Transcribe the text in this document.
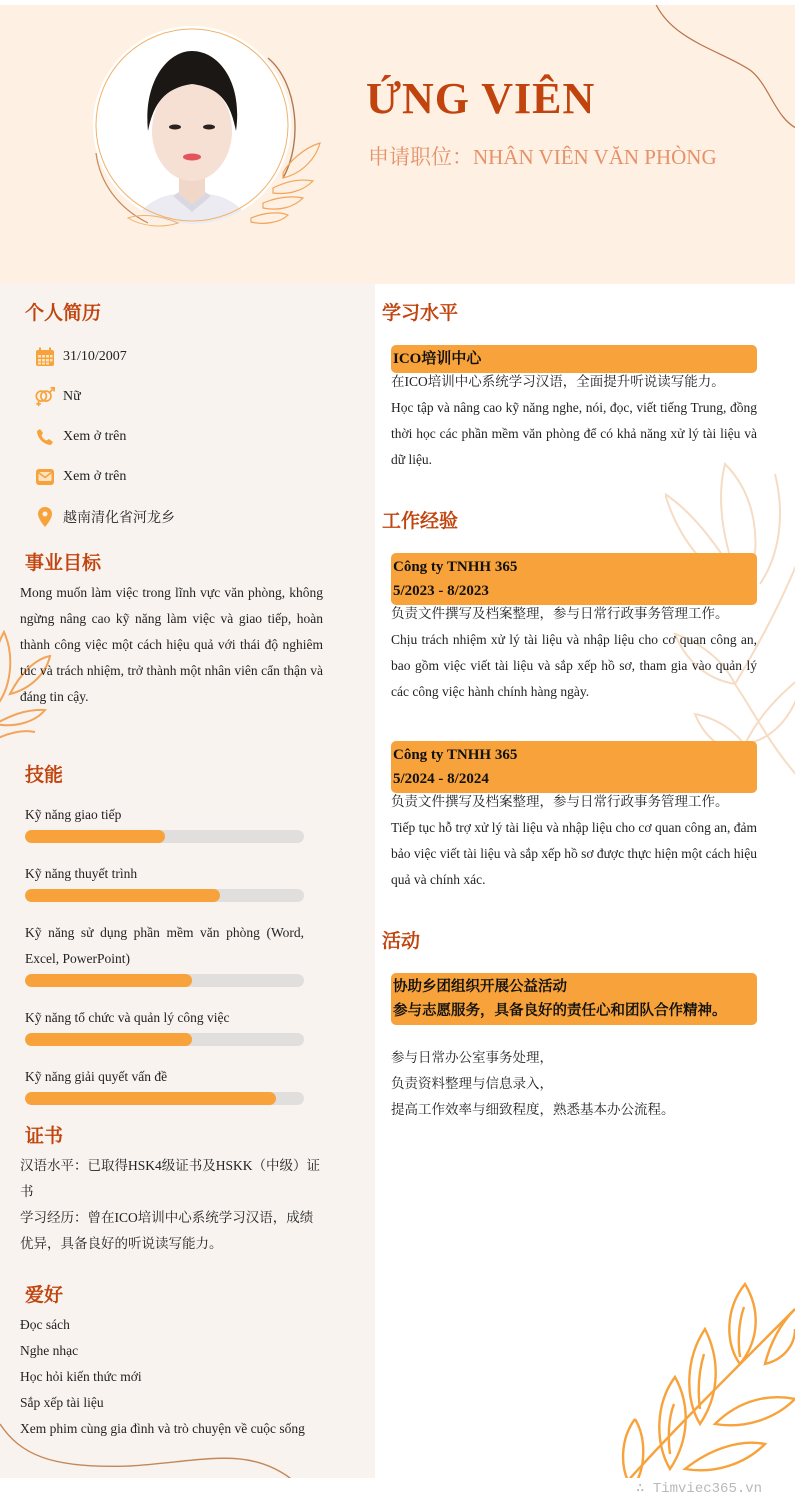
ỨNG VIÊN
申请职位：NHÂN VIÊN VĂN PHÒNG
个人简历
31/10/2007
Nữ
Xem ở trên
Xem ở trên
越南清化省河龙乡
事业目标
Mong muốn làm việc trong lĩnh vực văn phòng, không ngừng nâng cao kỹ năng làm việc và giao tiếp, hoàn thành công việc một cách hiệu quả với thái độ nghiêm túc và trách nhiệm, trở thành một nhân viên cẩn thận và đáng tin cậy.
技能
Kỹ năng giao tiếp
Kỹ năng thuyết trình
Kỹ năng sử dụng phần mềm văn phòng (Word, Excel, PowerPoint)
Kỹ năng tổ chức và quản lý công việc
Kỹ năng giải quyết vấn đề
证书
汉语水平：已取得HSK4级证书及HSKK（中级）证书
学习经历：曾在ICO培训中心系统学习汉语，成绩优异，具备良好的听说读写能力。
爱好
Đọc sách
Nghe nhạc
Học hỏi kiến thức mới
Sắp xếp tài liệu
Xem phim cùng gia đình và trò chuyện về cuộc sống
学习水平
ICO培训中心
在ICO培训中心系统学习汉语，全面提升听说读写能力。
Học tập và nâng cao kỹ năng nghe, nói, đọc, viết tiếng Trung, đồng thời học các phần mềm văn phòng để có khả năng xử lý tài liệu và dữ liệu.
工作经验
Công ty TNHH 365
5/2023 - 8/2023
负责文件撰写及档案整理，参与日常行政事务管理工作。
Chịu trách nhiệm xử lý tài liệu và nhập liệu cho cơ quan công an, bao gồm việc viết tài liệu và sắp xếp hồ sơ, tham gia vào quản lý các công việc hành chính hàng ngày.
Công ty TNHH 365
5/2024 - 8/2024
负责文件撰写及档案整理，参与日常行政事务管理工作。
Tiếp tục hỗ trợ xử lý tài liệu và nhập liệu cho cơ quan công an, đảm bảo việc viết tài liệu và sắp xếp hồ sơ được thực hiện một cách hiệu quả và chính xác.
活动
协助乡团组织开展公益活动
参与志愿服务，具备良好的责任心和团队合作精神。
参与日常办公室事务处理，
负责资料整理与信息录入，
提高工作效率与细致程度，熟悉基本办公流程。
∴ Timviec365.vn
